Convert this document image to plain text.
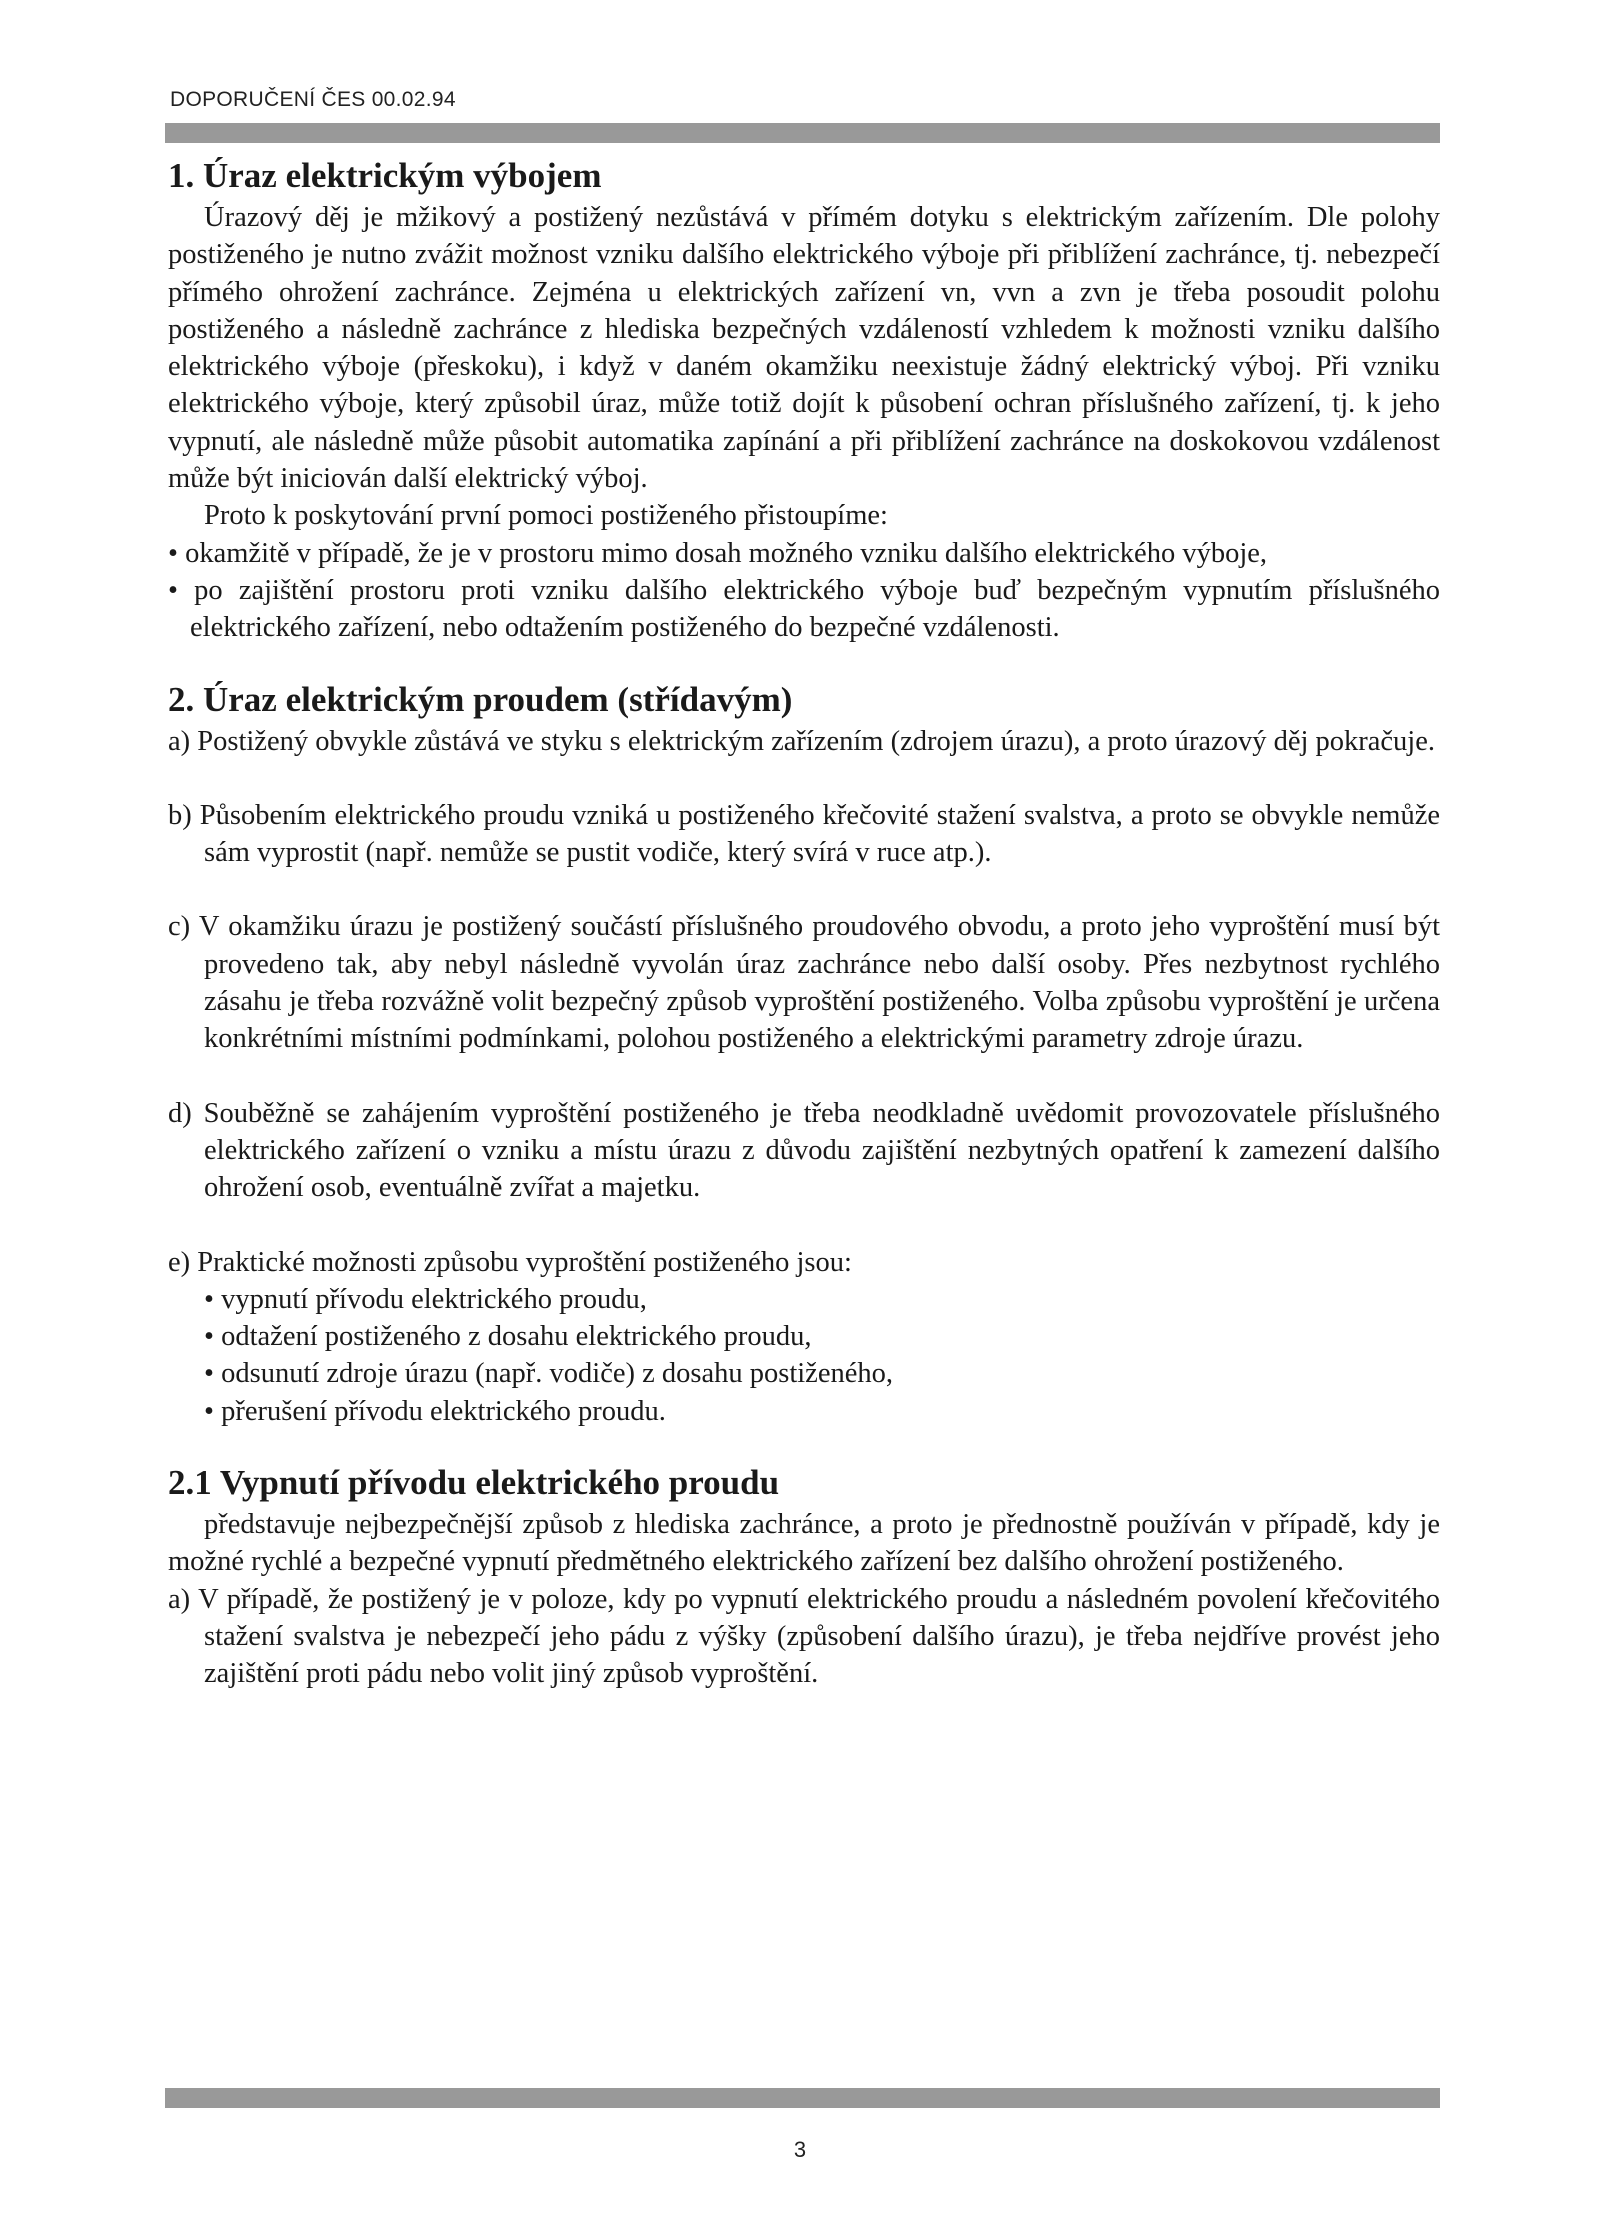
DOPORUČENÍ ČES 00.02.94
1. Úraz elektrickým výbojem

Úrazový děj je mžikový a postižený nezůstává v přímém dotyku s elektrickým zařízením. Dle polohy postiženého je nutno zvážit možnost vzniku dalšího elektrického výboje při přiblížení zachránce, tj. nebezpečí přímého ohrožení zachránce. Zejména u elektrických zařízení vn, vvn a zvn je třeba posoudit polohu postiženého a následně zachránce z hlediska bezpečných vzdáleností vzhledem k možnosti vzniku dalšího elektrického výboje (přeskoku), i když v daném okamžiku neexistuje žádný elektrický výboj. Při vzniku elektrického výboje, který způsobil úraz, může totiž dojít k působení ochran příslušného zařízení, tj. k jeho vypnutí, ale následně může působit automatika zapínání a při přiblížení zachránce na doskokovou vzdálenost může být iniciován další elektrický výboj.

Proto k poskytování první pomoci postiženého přistoupíme:

• okamžitě v případě, že je v prostoru mimo dosah možného vzniku dalšího elektrického výboje,

• po zajištění prostoru proti vzniku dalšího elektrického výboje buď bezpečným vypnutím příslušného elektrického zařízení, nebo odtažením postiženého do bezpečné vzdálenosti.

2. Úraz elektrickým proudem (střídavým)

a) Postižený obvykle zůstává ve styku s elektrickým zařízením (zdrojem úrazu), a proto úrazový děj pokračuje.

b) Působením elektrického proudu vzniká u postiženého křečovité stažení svalstva, a proto se obvykle nemůže sám vyprostit (např. nemůže se pustit vodiče, který svírá v ruce atp.).

c) V okamžiku úrazu je postižený součástí příslušného proudového obvodu, a proto jeho vyproštění musí být provedeno tak, aby nebyl následně vyvolán úraz zachránce nebo další osoby. Přes nezbytnost rychlého zásahu je třeba rozvážně volit bezpečný způsob vyproštění postiženého. Volba způsobu vyproštění je určena konkrétními místními podmínkami, polohou postiženého a elektrickými parametry zdroje úrazu.

d) Souběžně se zahájením vyproštění postiženého je třeba neodkladně uvědomit provozovatele příslušného elektrického zařízení o vzniku a místu úrazu z důvodu zajištění nezbytných opatření k zamezení dalšího ohrožení osob, eventuálně zvířat a majetku.

e) Praktické možnosti způsobu vyproštění postiženého jsou:

• vypnutí přívodu elektrického proudu,

• odtažení postiženého z dosahu elektrického proudu,

• odsunutí zdroje úrazu (např. vodiče) z dosahu postiženého,

• přerušení přívodu elektrického proudu.

2.1 Vypnutí přívodu elektrického proudu

představuje nejbezpečnější způsob z hlediska zachránce, a proto je přednostně používán v případě, kdy je možné rychlé a bezpečné vypnutí předmětného elektrického zařízení bez dalšího ohrožení postiženého.

a) V případě, že postižený je v poloze, kdy po vypnutí elektrického proudu a následném povolení křečovitého stažení svalstva je nebezpečí jeho pádu z výšky (způsobení dalšího úrazu), je třeba nejdříve provést jeho zajištění proti pádu nebo volit jiný způsob vyproštění.

3
